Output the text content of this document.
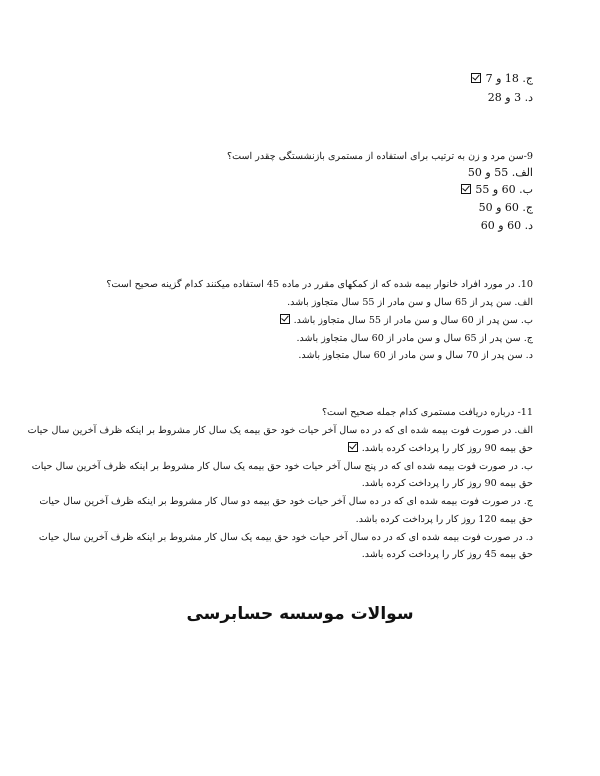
ج. 18 و 7
د. 3 و 28
9-سن مرد و زن به ترتیب برای استفاده از مستمری بازنشستگی چقدر است؟
الف. 55 و 50
ب. 60 و 55
ج. 60 و 50
د. 60 و 60
10. در مورد افراد خانوار بیمه شده که از کمکهای مقرر در ماده 45 استفاده میکنند کدام گزینه صحیح است؟
الف. سن پدر از 65 سال و سن مادر از 55 سال متجاوز باشد.
ب. سن پدر از 60 سال و سن مادر از 55 سال متجاوز باشد.
ج. سن پدر از 65 سال و سن مادر از 60 سال متجاوز باشد.
د. سن پدر از 70 سال و سن مادر از 60 سال متجاوز باشد.
11- درباره دریافت مستمری کدام جمله صحیح است؟
الف. در صورت فوت بیمه شده ای که در ده سال آخر حیات خود حق بیمه یک سال کار مشروط بر اینکه ظرف آخرین سال حیات
حق بیمه 90 روز کار را پرداخت کرده باشد.
ب. در صورت فوت بیمه شده ای که در پنج سال آخر حیات خود حق بیمه یک سال کار مشروط بر اینکه ظرف آخرین سال حیات
حق بیمه 90 روز کار را پرداخت کرده باشد.
ج. در صورت فوت بیمه شده ای که در ده سال آخر حیات خود حق بیمه دو سال کار مشروط بر اینکه ظرف آخرین سال حیات
حق بیمه 120 روز کار را پرداخت کرده باشد.
د. در صورت فوت بیمه شده ای که در ده سال آخر حیات خود حق بیمه یک سال کار مشروط بر اینکه ظرف آخرین سال حیات
حق بیمه 45 روز کار را پرداخت کرده باشد.
سوالات موسسه حسابرسی
